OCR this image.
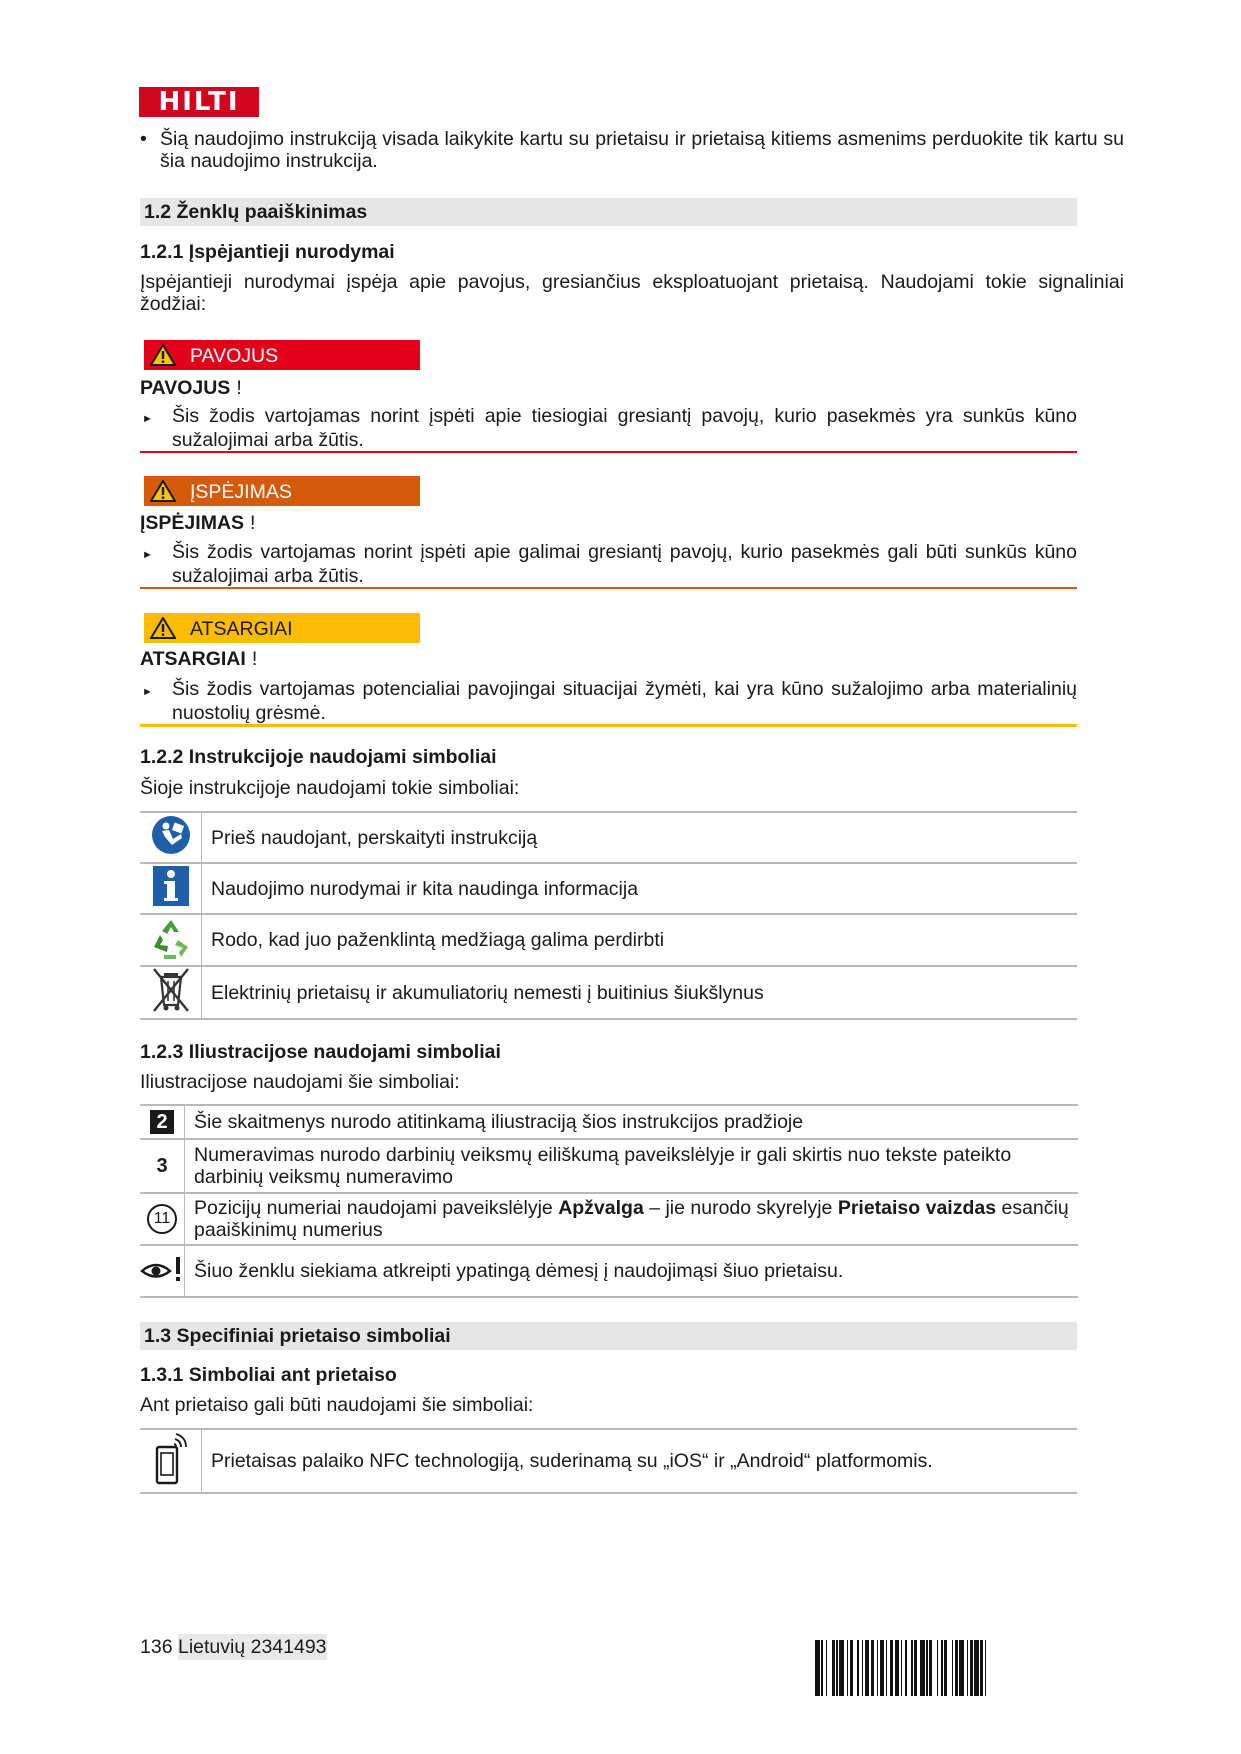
HILTI
• Šią naudojimo instrukciją visada laikykite kartu su prietaisu ir prietaisą kitiems asmenims perduokite tik kartu su šia naudojimo instrukcija.
1.2 Ženklų paaiškinimas
1.2.1 Įspėjantieji nurodymai
Įspėjantieji nurodymai įspėja apie pavojus, gresiančius eksploatuojant prietaisą. Naudojami tokie signaliniai žodžiai:
PAVOJUS
PAVOJUS !
► Šis žodis vartojamas norint įspėti apie tiesiogiai gresiantį pavojų, kurio pasekmės yra sunkūs kūno sužalojimai arba žūtis.
ĮSPĖJIMAS
ĮSPĖJIMAS !
► Šis žodis vartojamas norint įspėti apie galimai gresiantį pavojų, kurio pasekmės gali būti sunkūs kūno sužalojimai arba žūtis.
ATSARGIAI
ATSARGIAI !
► Šis žodis vartojamas potencialiai pavojingai situacijai žymėti, kai yra kūno sužalojimo arba materialinių nuostolių grėsmė.
1.2.2 Instrukcijoje naudojami simboliai
Šioje instrukcijoje naudojami tokie simboliai:
	Prieš naudojant, perskaityti instrukciją
	Naudojimo nurodymai ir kita naudinga informacija
	Rodo, kad juo paženklintą medžiagą galima perdirbti
	Elektrinių prietaisų ir akumuliatorių nemesti į buitinius šiukšlynus
1.2.3 Iliustracijose naudojami simboliai
Iliustracijose naudojami šie simboliai:
2	Šie skaitmenys nurodo atitinkamą iliustraciją šios instrukcijos pradžioje
3	Numeravimas nurodo darbinių veiksmų eiliškumą paveikslėlyje ir gali skirtis nuo tekste pateikto darbinių veiksmų numeravimo

11	Pozicijų numeriai naudojami paveikslėlyje Apžvalga – jie nurodo skyrelyje Prietaiso vaizdas esančių paaiškinimų numerius
	Šiuo ženklu siekiama atkreipti ypatingą dėmesį į naudojimąsi šiuo prietaisu.
1.3 Specifiniai prietaiso simboliai
1.3.1 Simboliai ant prietaiso
Ant prietaiso gali būti naudojami šie simboliai:
	Prietaisas palaiko NFC technologiją, suderinamą su „iOS“ ir „Android“ platformomis.
136 Lietuvių 2341493
